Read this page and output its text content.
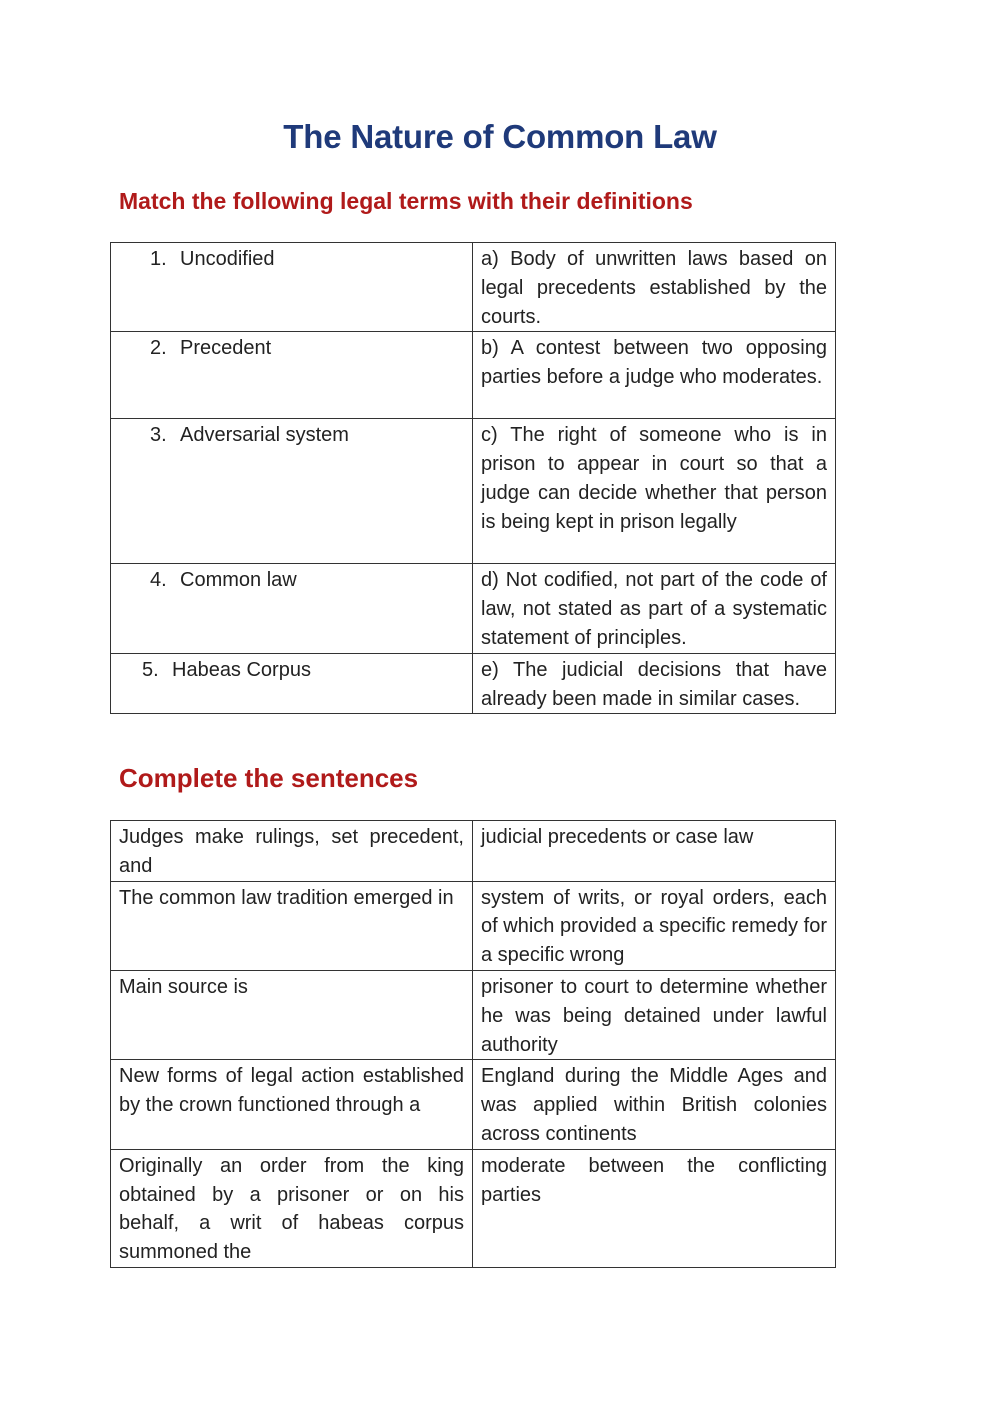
The Nature of Common Law
Match the following legal terms with their definitions
1. Uncodified	a) Body of unwritten laws based on legal precedents established by the courts.
2. Precedent	b) A contest between two opposing parties before a judge who moderates.
3. Adversarial system	c) The right of someone who is in prison to appear in court so that a judge can decide whether that person is being kept in prison legally
4. Common law	d) Not codified, not part of the code of law, not stated as part of a systematic statement of principles.
5. Habeas Corpus	e) The judicial decisions that have already been made in similar cases.
Complete the sentences
Judges make rulings, set precedent, and	judicial precedents or case law
The common law tradition emerged in	system of writs, or royal orders, each of which provided a specific remedy for a specific wrong
Main source is	prisoner to court to determine whether he was being detained under lawful authority
New forms of legal action established by the crown functioned through a	England during the Middle Ages and was applied within British colonies across continents
Originally an order from the king obtained by a prisoner or on his behalf, a writ of habeas corpus summoned the	moderate between the conflicting parties
